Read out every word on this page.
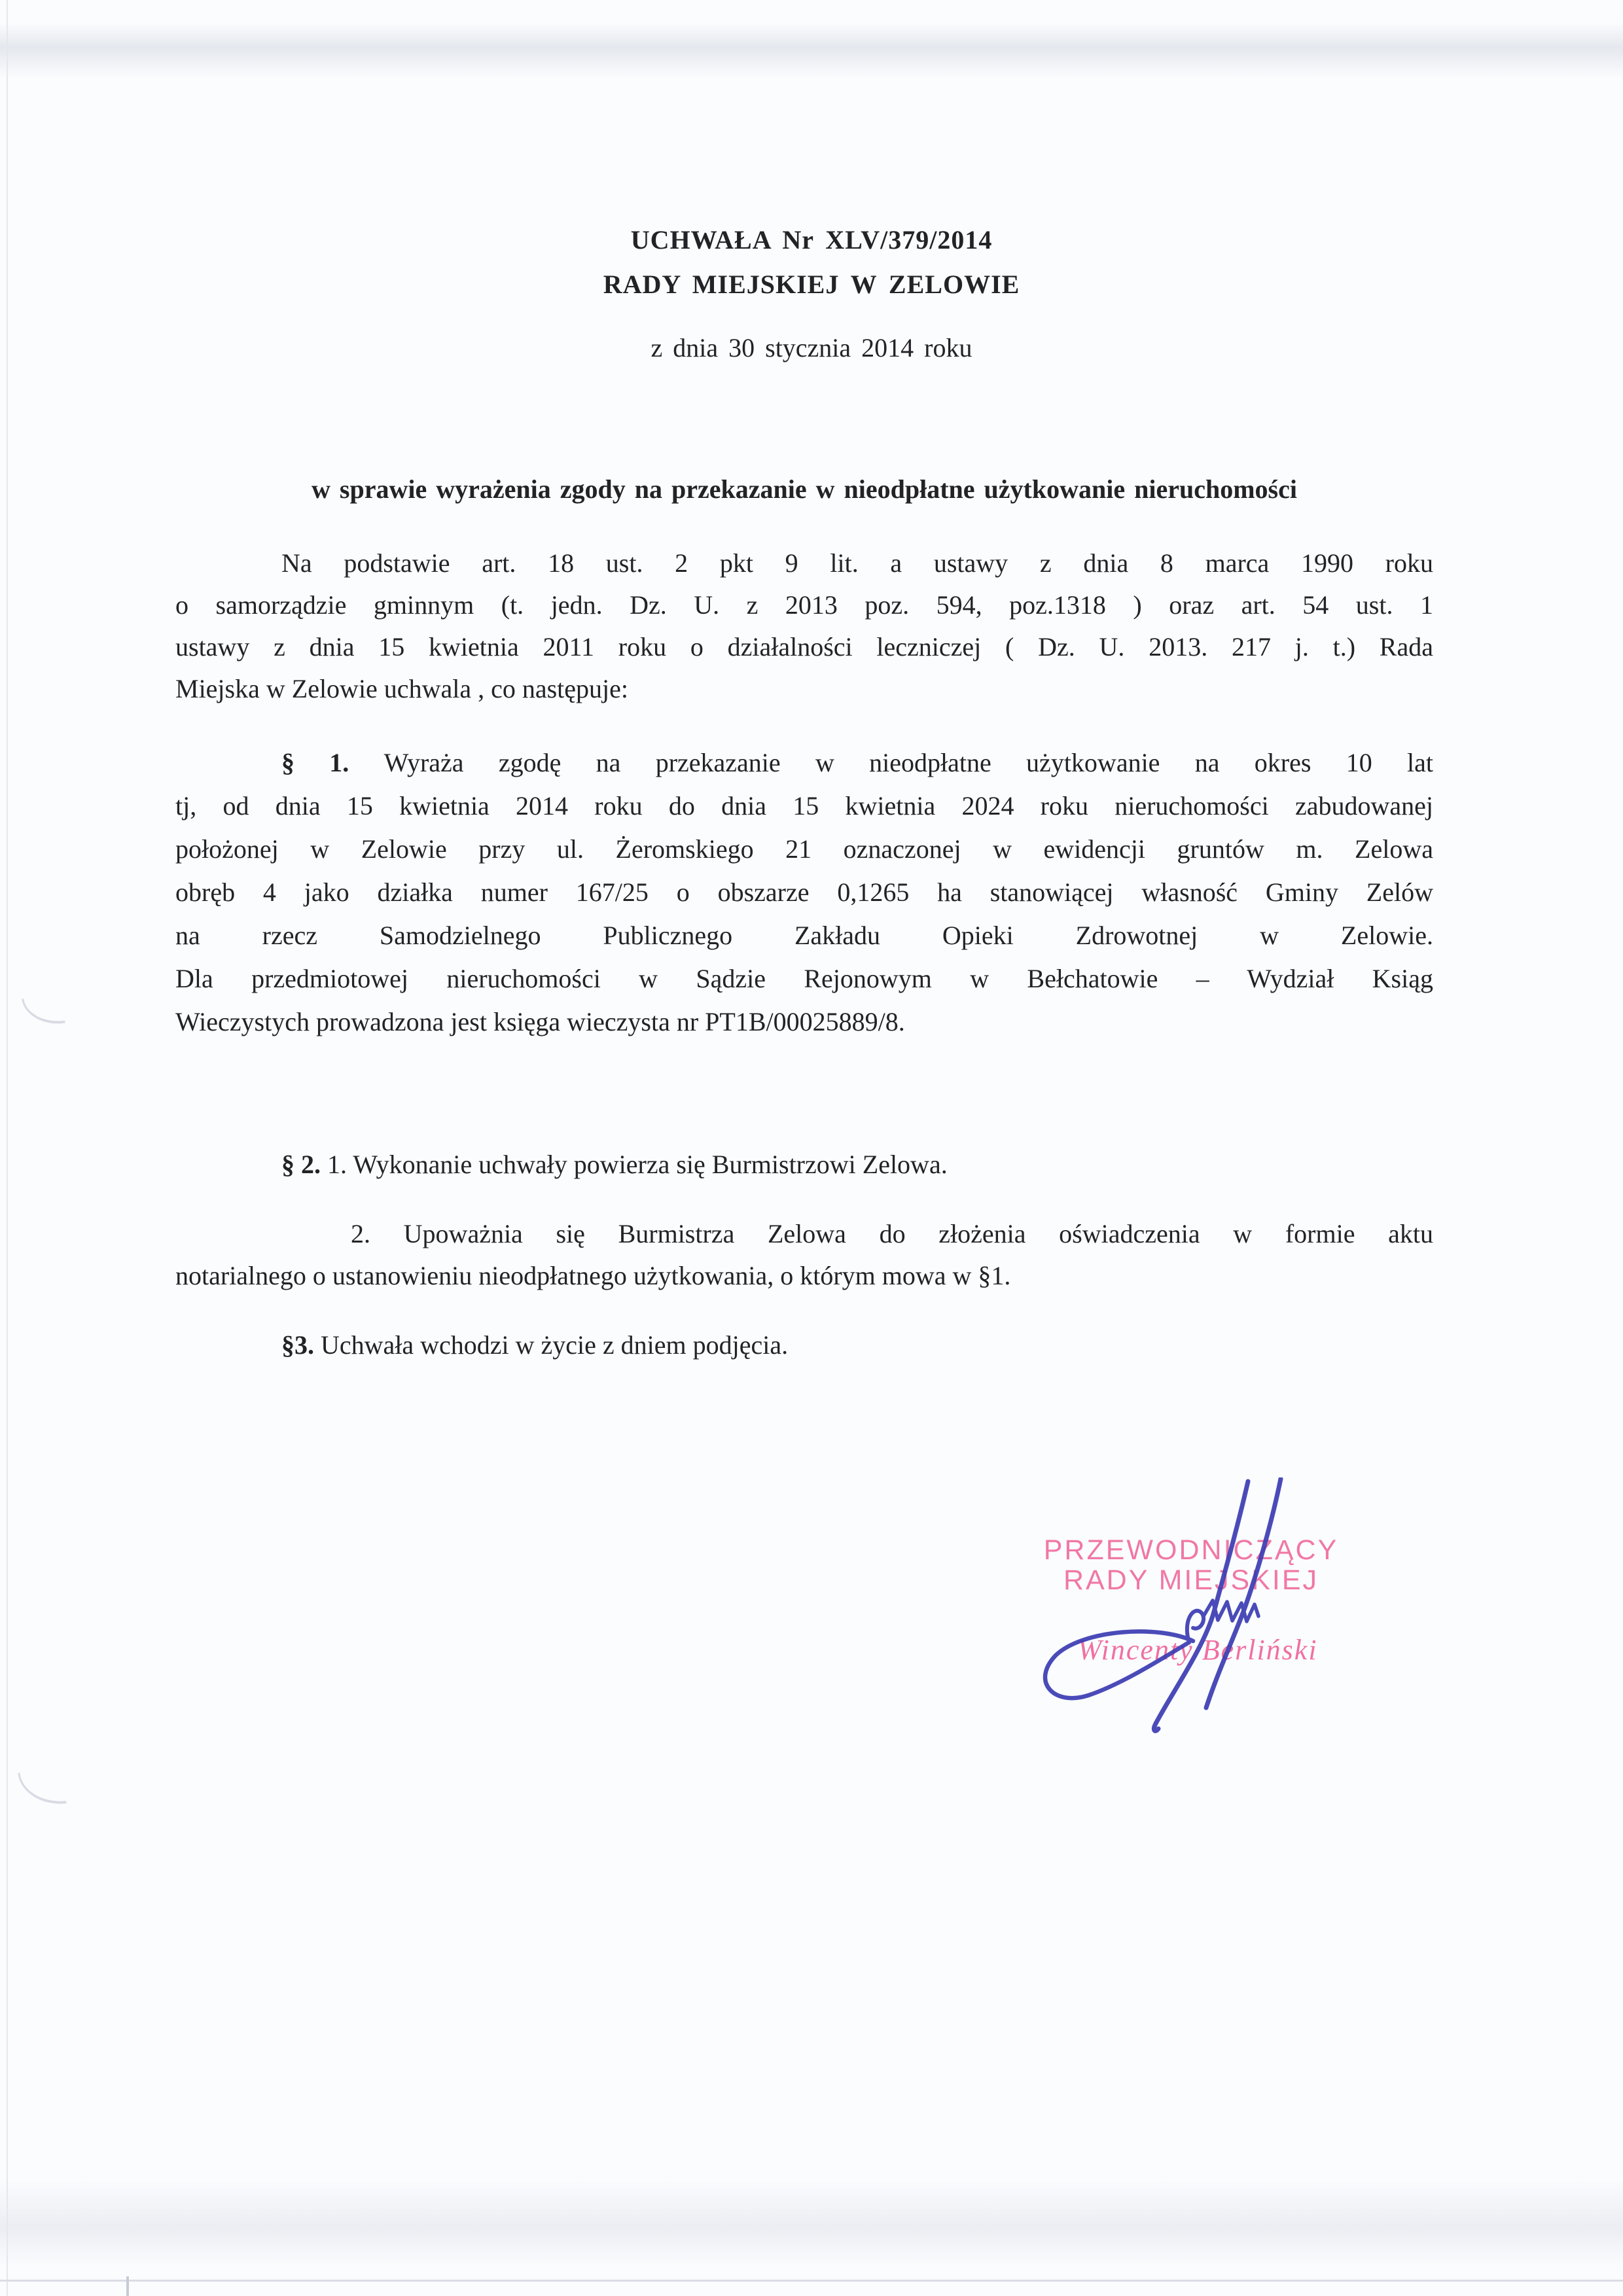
UCHWAŁA Nr XLV/379/2014
RADY MIEJSKIEJ W ZELOWIE
z dnia 30 stycznia 2014 roku
w sprawie wyrażenia zgody na przekazanie w nieodpłatne użytkowanie nieruchomości
Na podstawie art. 18 ust. 2 pkt 9 lit. a ustawy z dnia 8 marca 1990 roku
o samorządzie gminnym (t. jedn. Dz. U. z 2013 poz. 594, poz.1318 ) oraz art. 54 ust. 1
ustawy z dnia 15 kwietnia 2011 roku o działalności leczniczej ( Dz. U. 2013. 217 j. t.) Rada
Miejska w Zelowie uchwala , co następuje:
§ 1. Wyraża zgodę na przekazanie w nieodpłatne użytkowanie na okres 10 lat
tj, od dnia 15 kwietnia 2014 roku do dnia 15 kwietnia 2024 roku nieruchomości zabudowanej
położonej w Zelowie przy ul. Żeromskiego 21 oznaczonej w ewidencji gruntów m. Zelowa
obręb 4 jako działka numer 167/25 o obszarze 0,1265 ha stanowiącej własność Gminy Zelów
na rzecz Samodzielnego Publicznego Zakładu Opieki Zdrowotnej w Zelowie.
Dla przedmiotowej nieruchomości w Sądzie Rejonowym w Bełchatowie – Wydział Ksiąg
Wieczystych prowadzona jest księga wieczysta nr PT1B/00025889/8.
§ 2. 1. Wykonanie uchwały powierza się Burmistrzowi Zelowa.
2. Upoważnia się Burmistrza Zelowa do złożenia oświadczenia w formie aktu
notarialnego o ustanowieniu nieodpłatnego użytkowania, o którym mowa w §1.
§3. Uchwała wchodzi w życie z dniem podjęcia.
PRZEWODNICZĄCY
RADY MIEJSKIEJ
Wincenty Berliński
